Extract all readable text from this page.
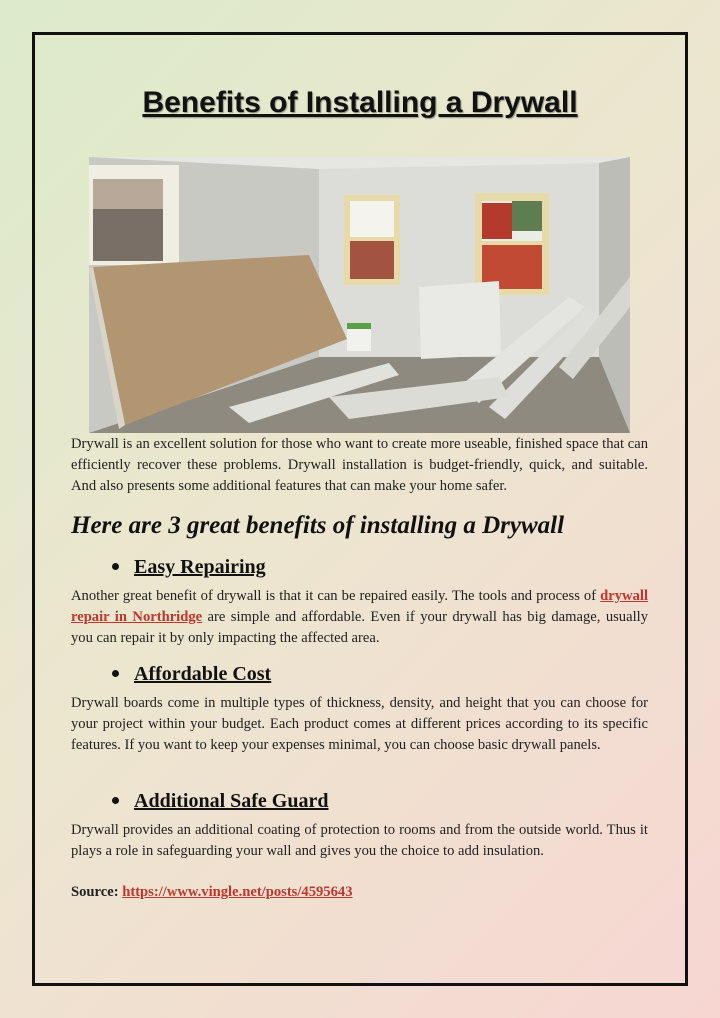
Benefits of Installing a Drywall

Drywall is an excellent solution for those who want to create more useable, finished space that can efficiently recover these problems. Drywall installation is budget-friendly, quick, and suitable. And also presents some additional features that can make your home safer.

Here are 3 great benefits of installing a Drywall

Easy Repairing

Another great benefit of drywall is that it can be repaired easily. The tools and process of drywall repair in Northridge are simple and affordable. Even if your drywall has big damage, usually you can repair it by only impacting the affected area.

Affordable Cost

Drywall boards come in multiple types of thickness, density, and height that you can choose for your project within your budget. Each product comes at different prices according to its specific features. If you want to keep your expenses minimal, you can choose basic drywall panels.

Additional Safe Guard

Drywall provides an additional coating of protection to rooms and from the outside world. Thus it plays a role in safeguarding your wall and gives you the choice to add insulation.

Source: https://www.vingle.net/posts/4595643
